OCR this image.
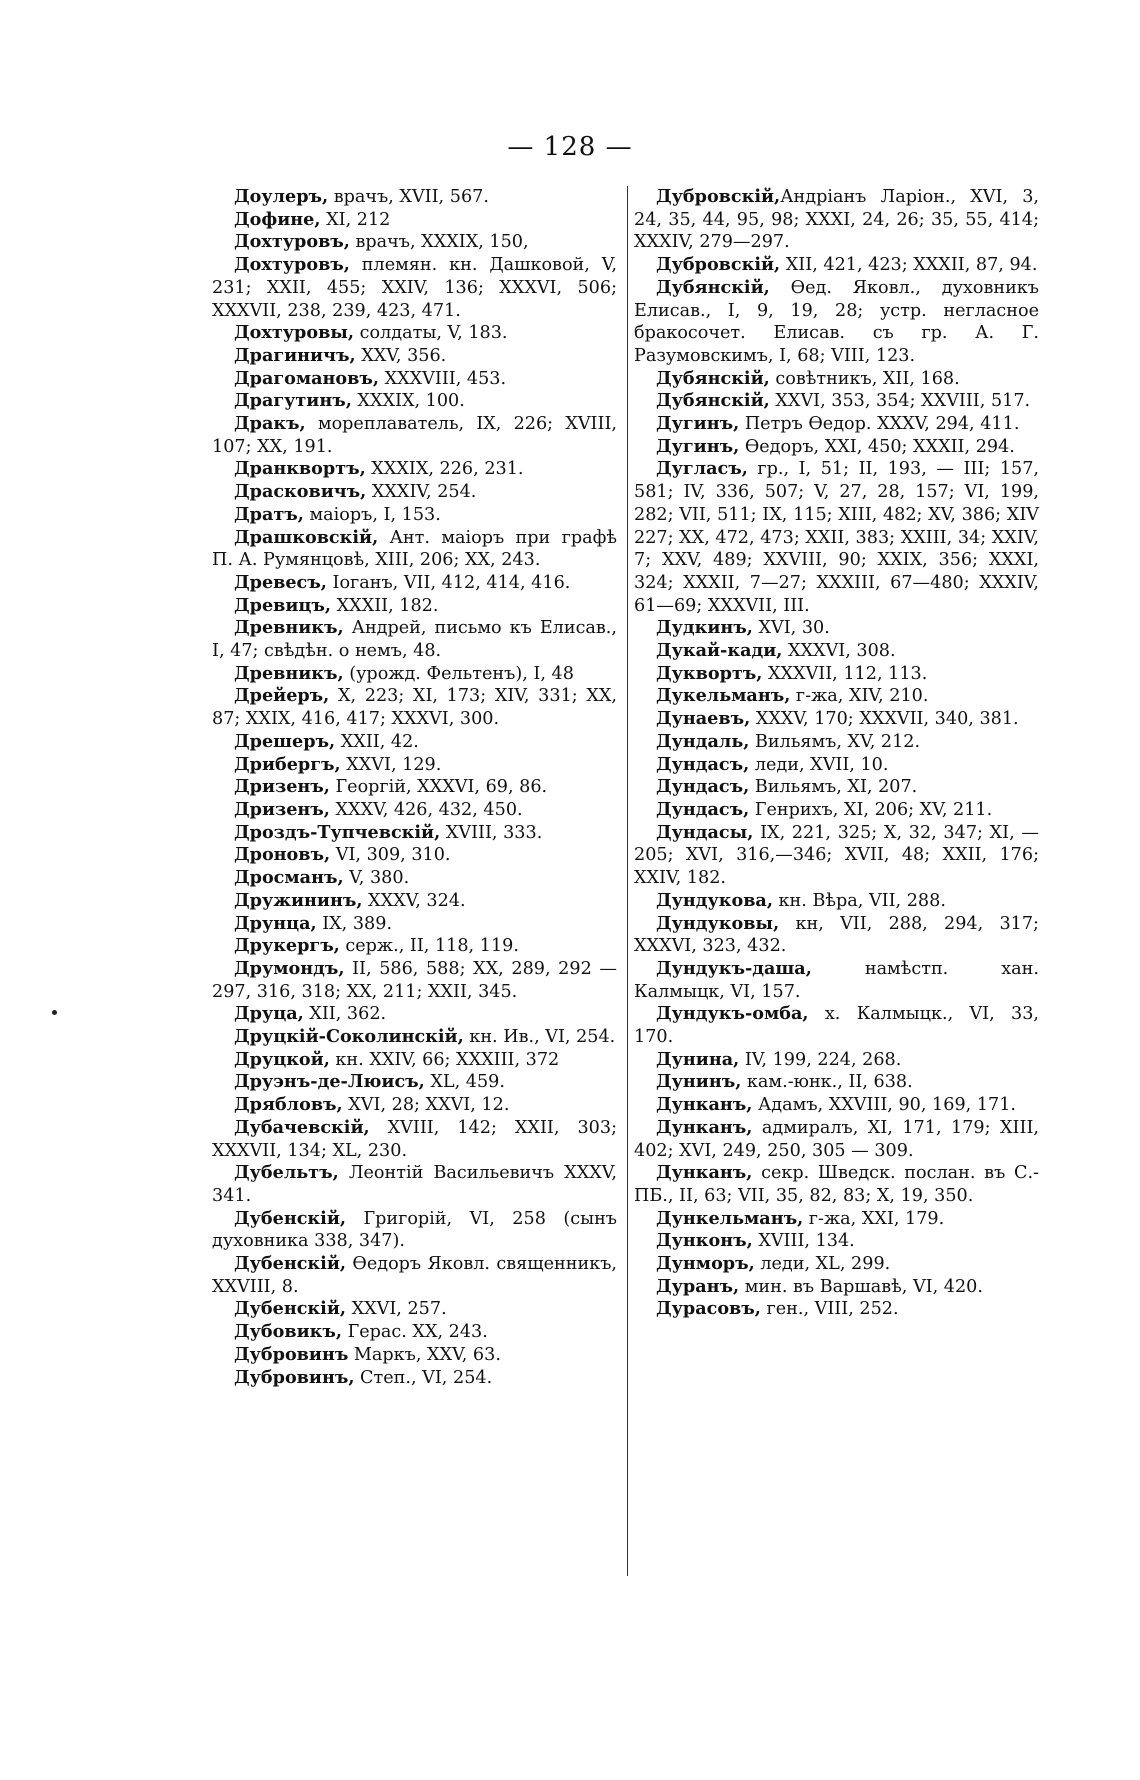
— 128 —

Доулеръ, врачъ, XVII, 567.

Дофине, XI, 212

Дохтуровъ, врачъ, XXXIX, 150,

Дохтуровъ, племян. кн. Дашковой, V, 231; XXII, 455; XXIV, 136; XXXVI, 506; XXXVII, 238, 239, 423, 471.

Дохтуровы, солдаты, V, 183.

Драгиничъ, XXV, 356.

Драгомановъ, XXXVIII, 453.

Драгутинъ, XXXIX, 100.

Дракъ, мореплаватель, IX, 226; XVIII, 107; XX, 191.

Дранквортъ, XXXIX, 226, 231.

Драсковичъ, XXXIV, 254.

Дратъ, маіоръ, I, 153.

Драшковскій, Ант. маіоръ при графѣ П. А. Румянцовѣ, XIII, 206; XX, 243.

Древесъ, Іоганъ, VII, 412, 414, 416.

Древицъ, XXXII, 182.

Древникъ, Андрей, письмо къ Елисав., I, 47; свѣдѣн. о немъ, 48.

Древникъ, (урожд. Фельтенъ), I, 48

Дрейеръ, X, 223; XI, 173; XIV, 331; XX, 87; XXIX, 416, 417; XXXVI, 300.

Дрешеръ, XXII, 42.

Дрибергъ, XXVI, 129.

Дризенъ, Георгій, XXXVI, 69, 86.

Дризенъ, XXXV, 426, 432, 450.

Дроздъ-Тупчевскій, XVIII, 333.

Дроновъ, VI, 309, 310.

Дросманъ, V, 380.

Дружининъ, XXXV, 324.

Друнца, IX, 389.

Друкергъ, серж., II, 118, 119.

Друмондъ, II, 586, 588; XX, 289, 292 — 297, 316, 318; XX, 211; XXII, 345.

Друца, XII, 362.

Друцкій-Соколинскій, кн. Ив., VI, 254.

Друцкой, кн. XXIV, 66; XXXIII, 372

Друэнъ-де-Люисъ, XL, 459.

Дрябловъ, XVI, 28; XXVI, 12.

Дубачевскій, XVIII, 142; XXII, 303; XXXVII, 134; XL, 230.

Дубельтъ, Леонтій Васильевичъ XXXV, 341.

Дубенскій, Григорій, VI, 258 (сынъ духовника 338, 347).

Дубенскій, Өедоръ Яковл. священникъ, XXVIII, 8.

Дубенскій, XXVI, 257.

Дубовикъ, Герас. XX, 243.

Дубровинъ Маркъ, XXV, 63.

Дубровинъ, Степ., VI, 254.

Дубровскій,Андріанъ Ларіон., XVI, 3, 24, 35, 44, 95, 98; XXXI, 24, 26; 35, 55, 414; XXXIV, 279—297.

Дубровскій, XII, 421, 423; XXXII, 87, 94.

Дубянскій, Өед. Яковл., духовникъ Елисав., I, 9, 19, 28; устр. негласное бракосочет. Елисав. съ гр. А. Г. Разумовскимъ, I, 68; VIII, 123.

Дубянскій, совѣтникъ, XII, 168.

Дубянскій, XXVI, 353, 354; XXVIII, 517.

Дугинъ, Петръ Өедор. XXXV, 294, 411.

Дугинъ, Өедоръ, XXI, 450; XXXII, 294.

Дугласъ, гр., I, 51; II, 193, — III; 157, 581; IV, 336, 507; V, 27, 28, 157; VI, 199, 282; VII, 511; IX, 115; XIII, 482; XV, 386; XIV 227; XX, 472, 473; XXII, 383; XXIII, 34; XXIV, 7; XXV, 489; XXVIII, 90; XXIX, 356; XXXI, 324; XXXII, 7—27; XXXIII, 67—480; XXXIV, 61—69; XXXVII, III.

Дудкинъ, XVI, 30.

Дукай-кади, XXXVI, 308.

Дуквортъ, XXXVII, 112, 113.

Дукельманъ, г-жа, XIV, 210.

Дунаевъ, XXXV, 170; XXXVII, 340, 381.

Дундаль, Вильямъ, XV, 212.

Дундасъ, леди, XVII, 10.

Дундасъ, Вильямъ, XI, 207.

Дундасъ, Генрихъ, XI, 206; XV, 211.

Дундасы, IX, 221, 325; X, 32, 347; XI, — 205; XVI, 316,—346; XVII, 48; XXII, 176; XXIV, 182.

Дундукова, кн. Вѣра, VII, 288.

Дундуковы, кн, VII, 288, 294, 317; XXXVI, 323, 432.

Дундукъ-даша, намѣстп. хан. Калмыцк, VI, 157.

Дундукъ-омба, х. Калмыцк., VI, 33, 170.

Дунина, IV, 199, 224, 268.

Дунинъ, кам.-юнк., II, 638.

Дунканъ, Адамъ, XXVIII, 90, 169, 171.

Дунканъ, адмиралъ, XI, 171, 179; XIII, 402; XVI, 249, 250, 305 — 309.

Дунканъ, секр. Шведск. послан. въ С.-ПБ., II, 63; VII, 35, 82, 83; X, 19, 350.

Дункельманъ, г-жа, XXI, 179.

Дунконъ, XVIII, 134.

Дунморъ, леди, XL, 299.

Дуранъ, мин. въ Варшавѣ, VI, 420.

Дурасовъ, ген., VIII, 252.
